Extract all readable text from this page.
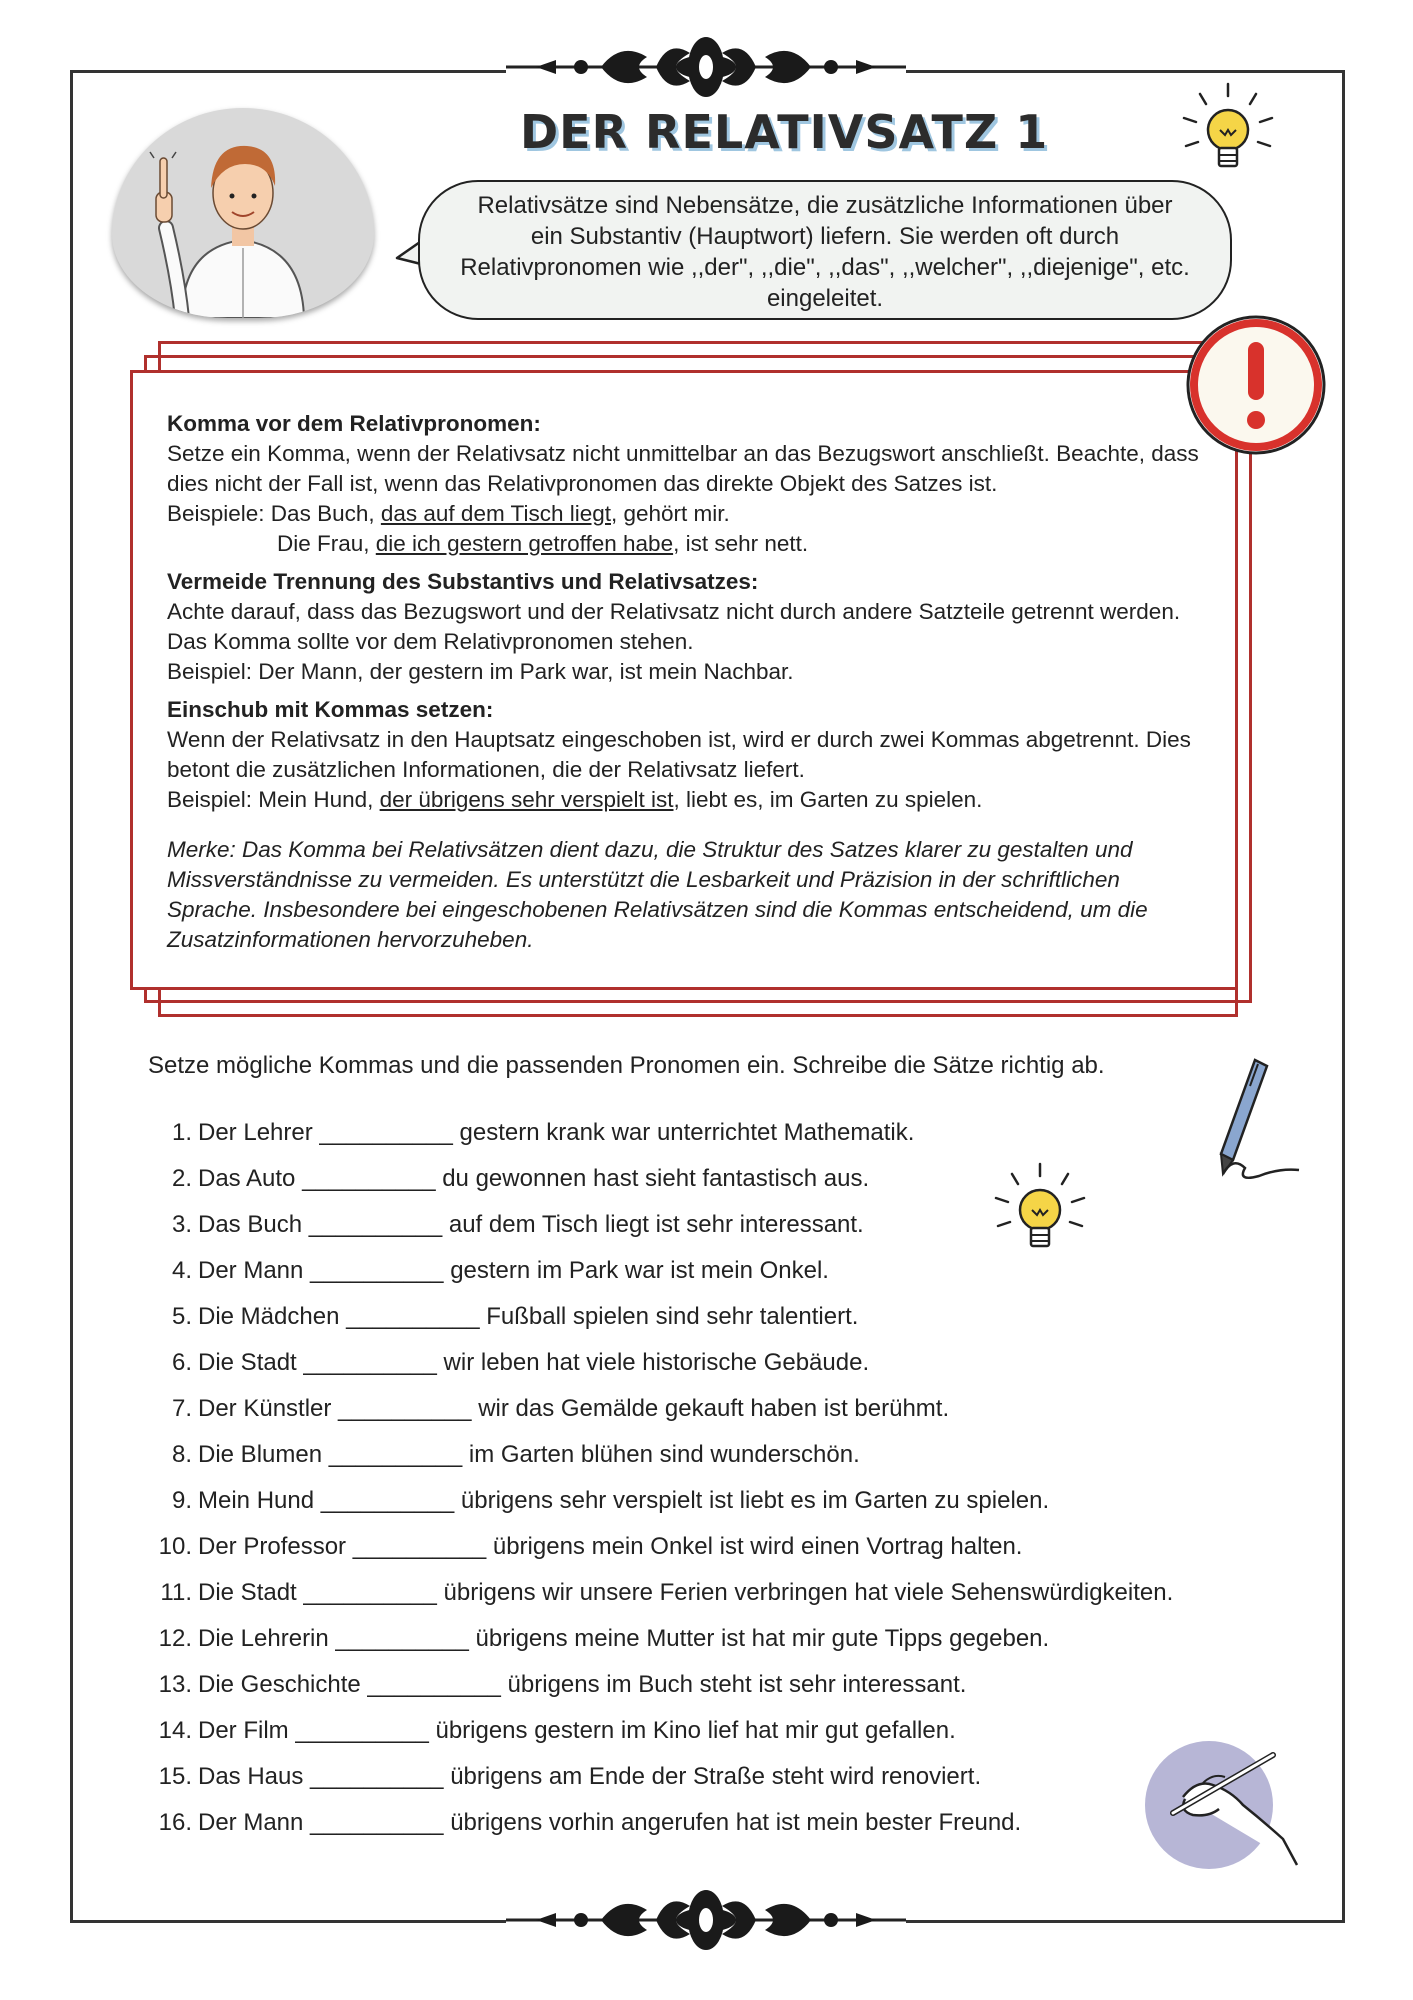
DER RELATIVSATZ 1
Relativsätze sind Nebensätze, die zusätzliche Informationen über ein Substantiv (Hauptwort) liefern. Sie werden oft durch Relativpronomen wie ,,der", ,,die", ,,das", ,,welcher", ,,diejenige", etc. eingeleitet.
Komma vor dem Relativpronomen:

Setze ein Komma, wenn der Relativsatz nicht unmittelbar an das Bezugswort anschließt. Beachte, dass dies nicht der Fall ist, wenn das Relativpronomen das direkte Objekt des Satzes ist.

Beispiele: Das Buch, das auf dem Tisch liegt, gehört mir.

Die Frau, die ich gestern getroffen habe, ist sehr nett.

Vermeide Trennung des Substantivs und Relativsatzes:

Achte darauf, dass das Bezugswort und der Relativsatz nicht durch andere Satzteile getrennt werden. Das Komma sollte vor dem Relativpronomen stehen.

Beispiel: Der Mann, der gestern im Park war, ist mein Nachbar.

Einschub mit Kommas setzen:

Wenn der Relativsatz in den Hauptsatz eingeschoben ist, wird er durch zwei Kommas abgetrennt. Dies betont die zusätzlichen Informationen, die der Relativsatz liefert.

Beispiel: Mein Hund, der übrigens sehr verspielt ist, liebt es, im Garten zu spielen.

Merke: Das Komma bei Relativsätzen dient dazu, die Struktur des Satzes klarer zu gestalten und Missverständnisse zu vermeiden. Es unterstützt die Lesbarkeit und Präzision in der schriftlichen Sprache. Insbesondere bei eingeschobenen Relativsätzen sind die Kommas entscheidend, um die Zusatzinformationen hervorzuheben.

Setze mögliche Kommas und die passenden Pronomen ein. Schreibe die Sätze richtig ab.

1. Der Lehrer __________ gestern krank war unterrichtet Mathematik.
2. Das Auto __________ du gewonnen hast sieht fantastisch aus.
3. Das Buch __________ auf dem Tisch liegt ist sehr interessant.
4. Der Mann __________ gestern im Park war ist mein Onkel.
5. Die Mädchen __________ Fußball spielen sind sehr talentiert.
6. Die Stadt __________ wir leben hat viele historische Gebäude.
7. Der Künstler __________ wir das Gemälde gekauft haben ist berühmt.
8. Die Blumen __________ im Garten blühen sind wunderschön.
9. Mein Hund __________ übrigens sehr verspielt ist liebt es im Garten zu spielen.
10. Der Professor __________ übrigens mein Onkel ist wird einen Vortrag halten.
11. Die Stadt __________ übrigens wir unsere Ferien verbringen hat viele Sehenswürdigkeiten.
12. Die Lehrerin __________ übrigens meine Mutter ist hat mir gute Tipps gegeben.
13. Die Geschichte __________ übrigens im Buch steht ist sehr interessant.
14. Der Film __________ übrigens gestern im Kino lief hat mir gut gefallen.
15. Das Haus __________ übrigens am Ende der Straße steht wird renoviert.
16. Der Mann __________ übrigens vorhin angerufen hat ist mein bester Freund.
